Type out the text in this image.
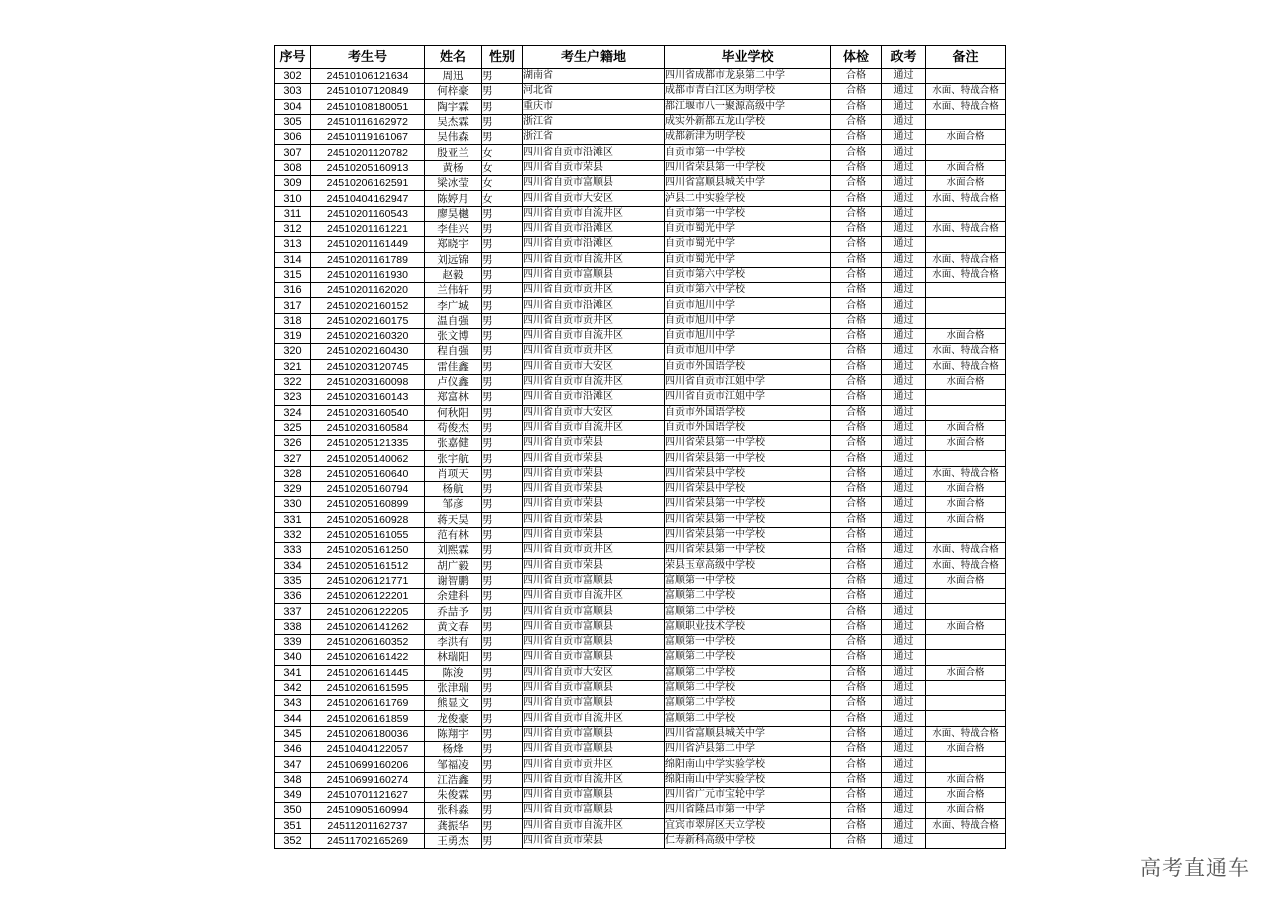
序号	考生号	姓名	性别	考生户籍地	毕业学校	体检	政考	备注
302	24510106121634	周迅	男	湖南省	四川省成都市龙泉第二中学	合格	通过	
303	24510107120849	何梓豪	男	河北省	成都市青白江区为明学校	合格	通过	水面、特战合格
304	24510108180051	陶宇霖	男	重庆市	都江堰市八一聚源高级中学	合格	通过	水面、特战合格
305	24510116162972	吴杰霖	男	浙江省	成实外新都五龙山学校	合格	通过	
306	24510119161067	吴伟森	男	浙江省	成都新津为明学校	合格	通过	水面合格
307	24510201120782	殷亚兰	女	四川省自贡市沿滩区	自贡市第一中学校	合格	通过	
308	24510205160913	黄杨	女	四川省自贡市荣县	四川省荣县第一中学校	合格	通过	水面合格
309	24510206162591	梁冰莹	女	四川省自贡市富顺县	四川省富顺县城关中学	合格	通过	水面合格
310	24510404162947	陈婷月	女	四川省自贡市大安区	泸县二中实验学校	合格	通过	水面、特战合格
311	24510201160543	廖昊樾	男	四川省自贡市自流井区	自贡市第一中学校	合格	通过	
312	24510201161221	李佳兴	男	四川省自贡市沿滩区	自贡市蜀光中学	合格	通过	水面、特战合格
313	24510201161449	郑晓宇	男	四川省自贡市沿滩区	自贡市蜀光中学	合格	通过	
314	24510201161789	刘远锦	男	四川省自贡市自流井区	自贡市蜀光中学	合格	通过	水面、特战合格
315	24510201161930	赵毅	男	四川省自贡市富顺县	自贡市第六中学校	合格	通过	水面、特战合格
316	24510201162020	兰伟轩	男	四川省自贡市贡井区	自贡市第六中学校	合格	通过	
317	24510202160152	李广城	男	四川省自贡市沿滩区	自贡市旭川中学	合格	通过	
318	24510202160175	温自强	男	四川省自贡市贡井区	自贡市旭川中学	合格	通过	
319	24510202160320	张文博	男	四川省自贡市自流井区	自贡市旭川中学	合格	通过	水面合格
320	24510202160430	程自强	男	四川省自贡市贡井区	自贡市旭川中学	合格	通过	水面、特战合格
321	24510203120745	雷佳鑫	男	四川省自贡市大安区	自贡市外国语学校	合格	通过	水面、特战合格
322	24510203160098	卢仪鑫	男	四川省自贡市自流井区	四川省自贡市江姐中学	合格	通过	水面合格
323	24510203160143	郑富林	男	四川省自贡市沿滩区	四川省自贡市江姐中学	合格	通过	
324	24510203160540	何秋阳	男	四川省自贡市大安区	自贡市外国语学校	合格	通过	
325	24510203160584	苟俊杰	男	四川省自贡市自流井区	自贡市外国语学校	合格	通过	水面合格
326	24510205121335	张嘉健	男	四川省自贡市荣县	四川省荣县第一中学校	合格	通过	水面合格
327	24510205140062	张宇航	男	四川省自贡市荣县	四川省荣县第一中学校	合格	通过	
328	24510205160640	肖项天	男	四川省自贡市荣县	四川省荣县中学校	合格	通过	水面、特战合格
329	24510205160794	杨航	男	四川省自贡市荣县	四川省荣县中学校	合格	通过	水面合格
330	24510205160899	邹彦	男	四川省自贡市荣县	四川省荣县第一中学校	合格	通过	水面合格
331	24510205160928	蒋天昊	男	四川省自贡市荣县	四川省荣县第一中学校	合格	通过	水面合格
332	24510205161055	范有林	男	四川省自贡市荣县	四川省荣县第一中学校	合格	通过	
333	24510205161250	刘熙霖	男	四川省自贡市贡井区	四川省荣县第一中学校	合格	通过	水面、特战合格
334	24510205161512	胡广毅	男	四川省自贡市荣县	荣县玉章高级中学校	合格	通过	水面、特战合格
335	24510206121771	谢智鹏	男	四川省自贡市富顺县	富顺第一中学校	合格	通过	水面合格
336	24510206122201	余建科	男	四川省自贡市自流井区	富顺第二中学校	合格	通过	
337	24510206122205	乔喆予	男	四川省自贡市富顺县	富顺第二中学校	合格	通过	
338	24510206141262	黄文春	男	四川省自贡市富顺县	富顺职业技术学校	合格	通过	水面合格
339	24510206160352	李洪有	男	四川省自贡市富顺县	富顺第一中学校	合格	通过	
340	24510206161422	林瑞阳	男	四川省自贡市富顺县	富顺第二中学校	合格	通过	
341	24510206161445	陈浚	男	四川省自贡市大安区	富顺第二中学校	合格	通过	水面合格
342	24510206161595	张津瑞	男	四川省自贡市富顺县	富顺第二中学校	合格	通过	
343	24510206161769	熊显文	男	四川省自贡市富顺县	富顺第二中学校	合格	通过	
344	24510206161859	龙俊豪	男	四川省自贡市自流井区	富顺第二中学校	合格	通过	
345	24510206180036	陈翔宇	男	四川省自贡市富顺县	四川省富顺县城关中学	合格	通过	水面、特战合格
346	24510404122057	杨烽	男	四川省自贡市富顺县	四川省泸县第二中学	合格	通过	水面合格
347	24510699160206	邹福凌	男	四川省自贡市贡井区	绵阳南山中学实验学校	合格	通过	
348	24510699160274	江浩鑫	男	四川省自贡市自流井区	绵阳南山中学实验学校	合格	通过	水面合格
349	24510701121627	朱俊霖	男	四川省自贡市富顺县	四川省广元市宝轮中学	合格	通过	水面合格
350	24510905160994	张科淼	男	四川省自贡市富顺县	四川省隆昌市第一中学	合格	通过	水面合格
351	24511201162737	龚振华	男	四川省自贡市自流井区	宜宾市翠屏区天立学校	合格	通过	水面、特战合格
352	24511702165269	王勇杰	男	四川省自贡市荣县	仁寿新科高级中学校	合格	通过	
高考直通车
